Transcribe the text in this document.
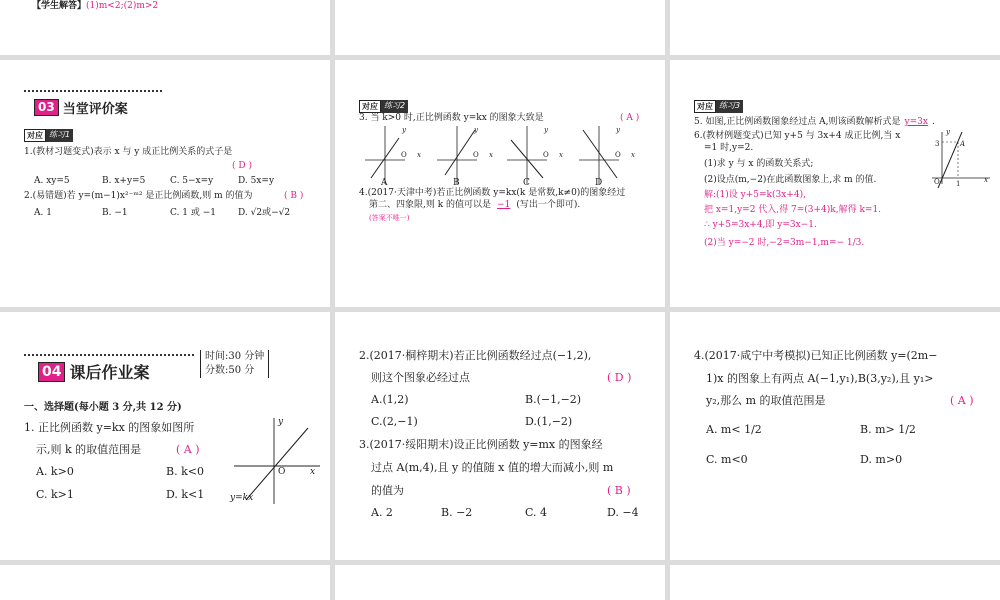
【学生解答】(1)m<2;(2)m>2
03 当堂评价案
对应 练习1
1.(教材习题变式)表示 x 与 y 成正比例关系的式子是
( D )
A. xy=5	B. x+y=5	C. 5−x=y	D. 5x=y
2.(易错题)若 y=(m−1)x²⁻ᵐ² 是正比例函数,则 m 的值为	( B )
A. 1	B. −1	C. 1 或 −1 D. √2或−√2
对应 练习2
3. 当 k>0 时,正比例函数 y=kx 的图象大致是	( A )
y	y	y	y
O x	O x	O x	O x
A	B	C	D
4.(2017·天津中考)若正比例函数 y=kx(k 是常数,k≠0)的图象经过
第二、四象限,则 k 的值可以是 −1 (写出一个即可).
(答案不唯一)
对应 练习3
5. 如图,正比例函数图象经过点 A,则该函数解析式是 y=3x .
6.(教材例题变式)已知 y+5 与 3x+4 成正比例,当 x
=1 时,y=2.
(1)求 y 与 x 的函数关系式;
(2)设点(m,−2)在此函数图象上,求 m 的值.
解:(1)设 y+5=k(3x+4),
把 x=1,y=2 代入,得 7=(3+4)k,解得 k=1.
∴ y+5=3x+4,即 y=3x−1.
(2)当 y=−2 时,−2=3m−1,m=− 1/3.
y
x
O
A
3
1
04 课后作业案
时间:30 分钟
分数:50 分
一、选择题(每小题 3 分,共 12 分)
1. 正比例函数 y=kx 的图象如图所
示,则 k 的取值范围是	( A )
A. k>0	B. k<0
C. k>1	D. k<1
y
x
O
y=kx
2.(2017·桐梓期末)若正比例函数经过点(−1,2),
则这个图象必经过点	( D )
A.(1,2)	B.(−1,−2)
C.(2,−1)	D.(1,−2)
3.(2017·绥阳期末)设正比例函数 y=mx 的图象经
过点 A(m,4),且 y 的值随 x 值的增大而减小,则 m
的值为	( B )
A. 2	B. −2	C. 4	D. −4
4.(2017·咸宁中考模拟)已知正比例函数 y=(2m−
1)x 的图象上有两点 A(−1,y₁),B(3,y₂),且 y₁>
y₂,那么 m 的取值范围是	( A )
A. m< 1/2	B. m> 1/2
C. m<0	D. m>0
